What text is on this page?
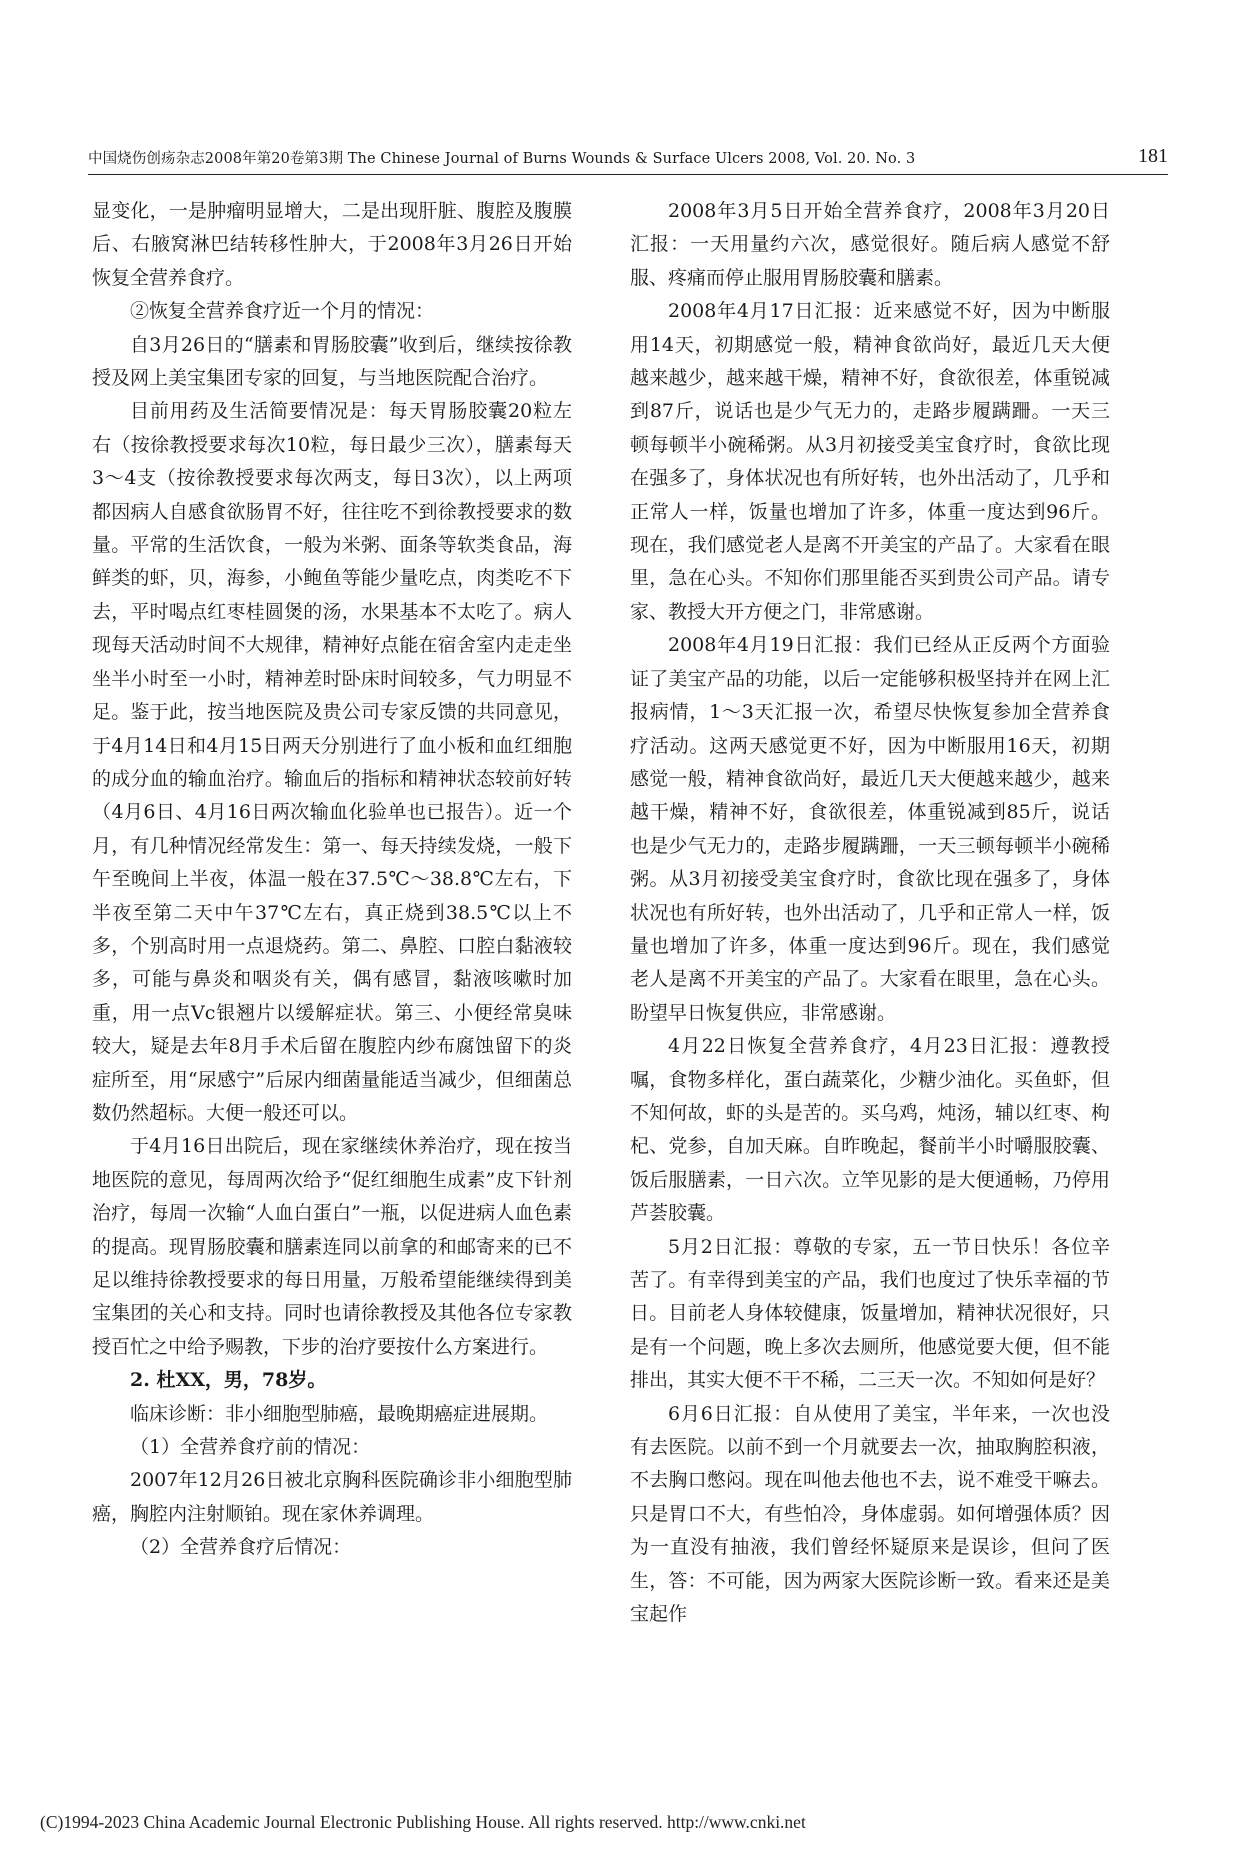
中国烧伤创疡杂志2008年第20卷第3期 The Chinese Journal of Burns Wounds & Surface Ulcers 2008, Vol. 20. No. 3	181

显变化，一是肿瘤明显增大，二是出现肝脏、腹腔及腹膜后、右腋窝淋巴结转移性肿大，于2008年3月26日开始恢复全营养食疗。

②恢复全营养食疗近一个月的情况：

自3月26日的“膳素和胃肠胶囊”收到后，继续按徐教授及网上美宝集团专家的回复，与当地医院配合治疗。

目前用药及生活简要情况是：每天胃肠胶囊20粒左右（按徐教授要求每次10粒，每日最少三次），膳素每天3～4支（按徐教授要求每次两支，每日3次），以上两项都因病人自感食欲肠胃不好，往往吃不到徐教授要求的数量。平常的生活饮食，一般为米粥、面条等软类食品，海鲜类的虾，贝，海参，小鲍鱼等能少量吃点，肉类吃不下去，平时喝点红枣桂圆煲的汤，水果基本不太吃了。病人现每天活动时间不大规律，精神好点能在宿舍室内走走坐坐半小时至一小时，精神差时卧床时间较多，气力明显不足。鉴于此，按当地医院及贵公司专家反馈的共同意见，于4月14日和4月15日两天分别进行了血小板和血红细胞的成分血的输血治疗。输血后的指标和精神状态较前好转（4月6日、4月16日两次输血化验单也已报告）。近一个月，有几种情况经常发生：第一、每天持续发烧，一般下午至晚间上半夜，体温一般在37.5℃～38.8℃左右，下半夜至第二天中午37℃左右，真正烧到38.5℃以上不多，个别高时用一点退烧药。第二、鼻腔、口腔白黏液较多，可能与鼻炎和咽炎有关，偶有感冒，黏液咳嗽时加重，用一点Vc银翘片以缓解症状。第三、小便经常臭味较大，疑是去年8月手术后留在腹腔内纱布腐蚀留下的炎症所至，用“尿感宁”后尿内细菌量能适当减少，但细菌总数仍然超标。大便一般还可以。

于4月16日出院后，现在家继续休养治疗，现在按当地医院的意见，每周两次给予“促红细胞生成素”皮下针剂治疗，每周一次输“人血白蛋白”一瓶，以促进病人血色素的提高。现胃肠胶囊和膳素连同以前拿的和邮寄来的已不足以维持徐教授要求的每日用量，万般希望能继续得到美宝集团的关心和支持。同时也请徐教授及其他各位专家教授百忙之中给予赐教，下步的治疗要按什么方案进行。

2. 杜XX，男，78岁。

临床诊断：非小细胞型肺癌，最晚期癌症进展期。

（1）全营养食疗前的情况：

2007年12月26日被北京胸科医院确诊非小细胞型肺癌，胸腔内注射顺铂。现在家休养调理。

（2）全营养食疗后情况：

2008年3月5日开始全营养食疗，2008年3月20日汇报：一天用量约六次，感觉很好。随后病人感觉不舒服、疼痛而停止服用胃肠胶囊和膳素。

2008年4月17日汇报：近来感觉不好，因为中断服用14天，初期感觉一般，精神食欲尚好，最近几天大便越来越少，越来越干燥，精神不好，食欲很差，体重锐减到87斤，说话也是少气无力的，走路步履蹒跚。一天三顿每顿半小碗稀粥。从3月初接受美宝食疗时，食欲比现在强多了，身体状况也有所好转，也外出活动了，几乎和正常人一样，饭量也增加了许多，体重一度达到96斤。现在，我们感觉老人是离不开美宝的产品了。大家看在眼里，急在心头。不知你们那里能否买到贵公司产品。请专家、教授大开方便之门，非常感谢。

2008年4月19日汇报：我们已经从正反两个方面验证了美宝产品的功能，以后一定能够积极坚持并在网上汇报病情，1～3天汇报一次，希望尽快恢复参加全营养食疗活动。这两天感觉更不好，因为中断服用16天，初期感觉一般，精神食欲尚好，最近几天大便越来越少，越来越干燥，精神不好，食欲很差，体重锐减到85斤，说话也是少气无力的，走路步履蹒跚，一天三顿每顿半小碗稀粥。从3月初接受美宝食疗时，食欲比现在强多了，身体状况也有所好转，也外出活动了，几乎和正常人一样，饭量也增加了许多，体重一度达到96斤。现在，我们感觉老人是离不开美宝的产品了。大家看在眼里，急在心头。盼望早日恢复供应，非常感谢。

4月22日恢复全营养食疗，4月23日汇报：遵教授嘱，食物多样化，蛋白蔬菜化，少糖少油化。买鱼虾，但不知何故，虾的头是苦的。买乌鸡，炖汤，辅以红枣、枸杞、党参，自加天麻。自昨晚起，餐前半小时嚼服胶囊、饭后服膳素，一日六次。立竿见影的是大便通畅，乃停用芦荟胶囊。

5月2日汇报：尊敬的专家，五一节日快乐！各位辛苦了。有幸得到美宝的产品，我们也度过了快乐幸福的节日。目前老人身体较健康，饭量增加，精神状况很好，只是有一个问题，晚上多次去厕所，他感觉要大便，但不能排出，其实大便不干不稀，二三天一次。不知如何是好？

6月6日汇报：自从使用了美宝，半年来，一次也没有去医院。以前不到一个月就要去一次，抽取胸腔积液，不去胸口憋闷。现在叫他去他也不去，说不难受干嘛去。只是胃口不大，有些怕冷，身体虚弱。如何增强体质？因为一直没有抽液，我们曾经怀疑原来是误诊，但问了医生，答：不可能，因为两家大医院诊断一致。看来还是美宝起作

(C)1994-2023 China Academic Journal Electronic Publishing House. All rights reserved. http://www.cnki.net
